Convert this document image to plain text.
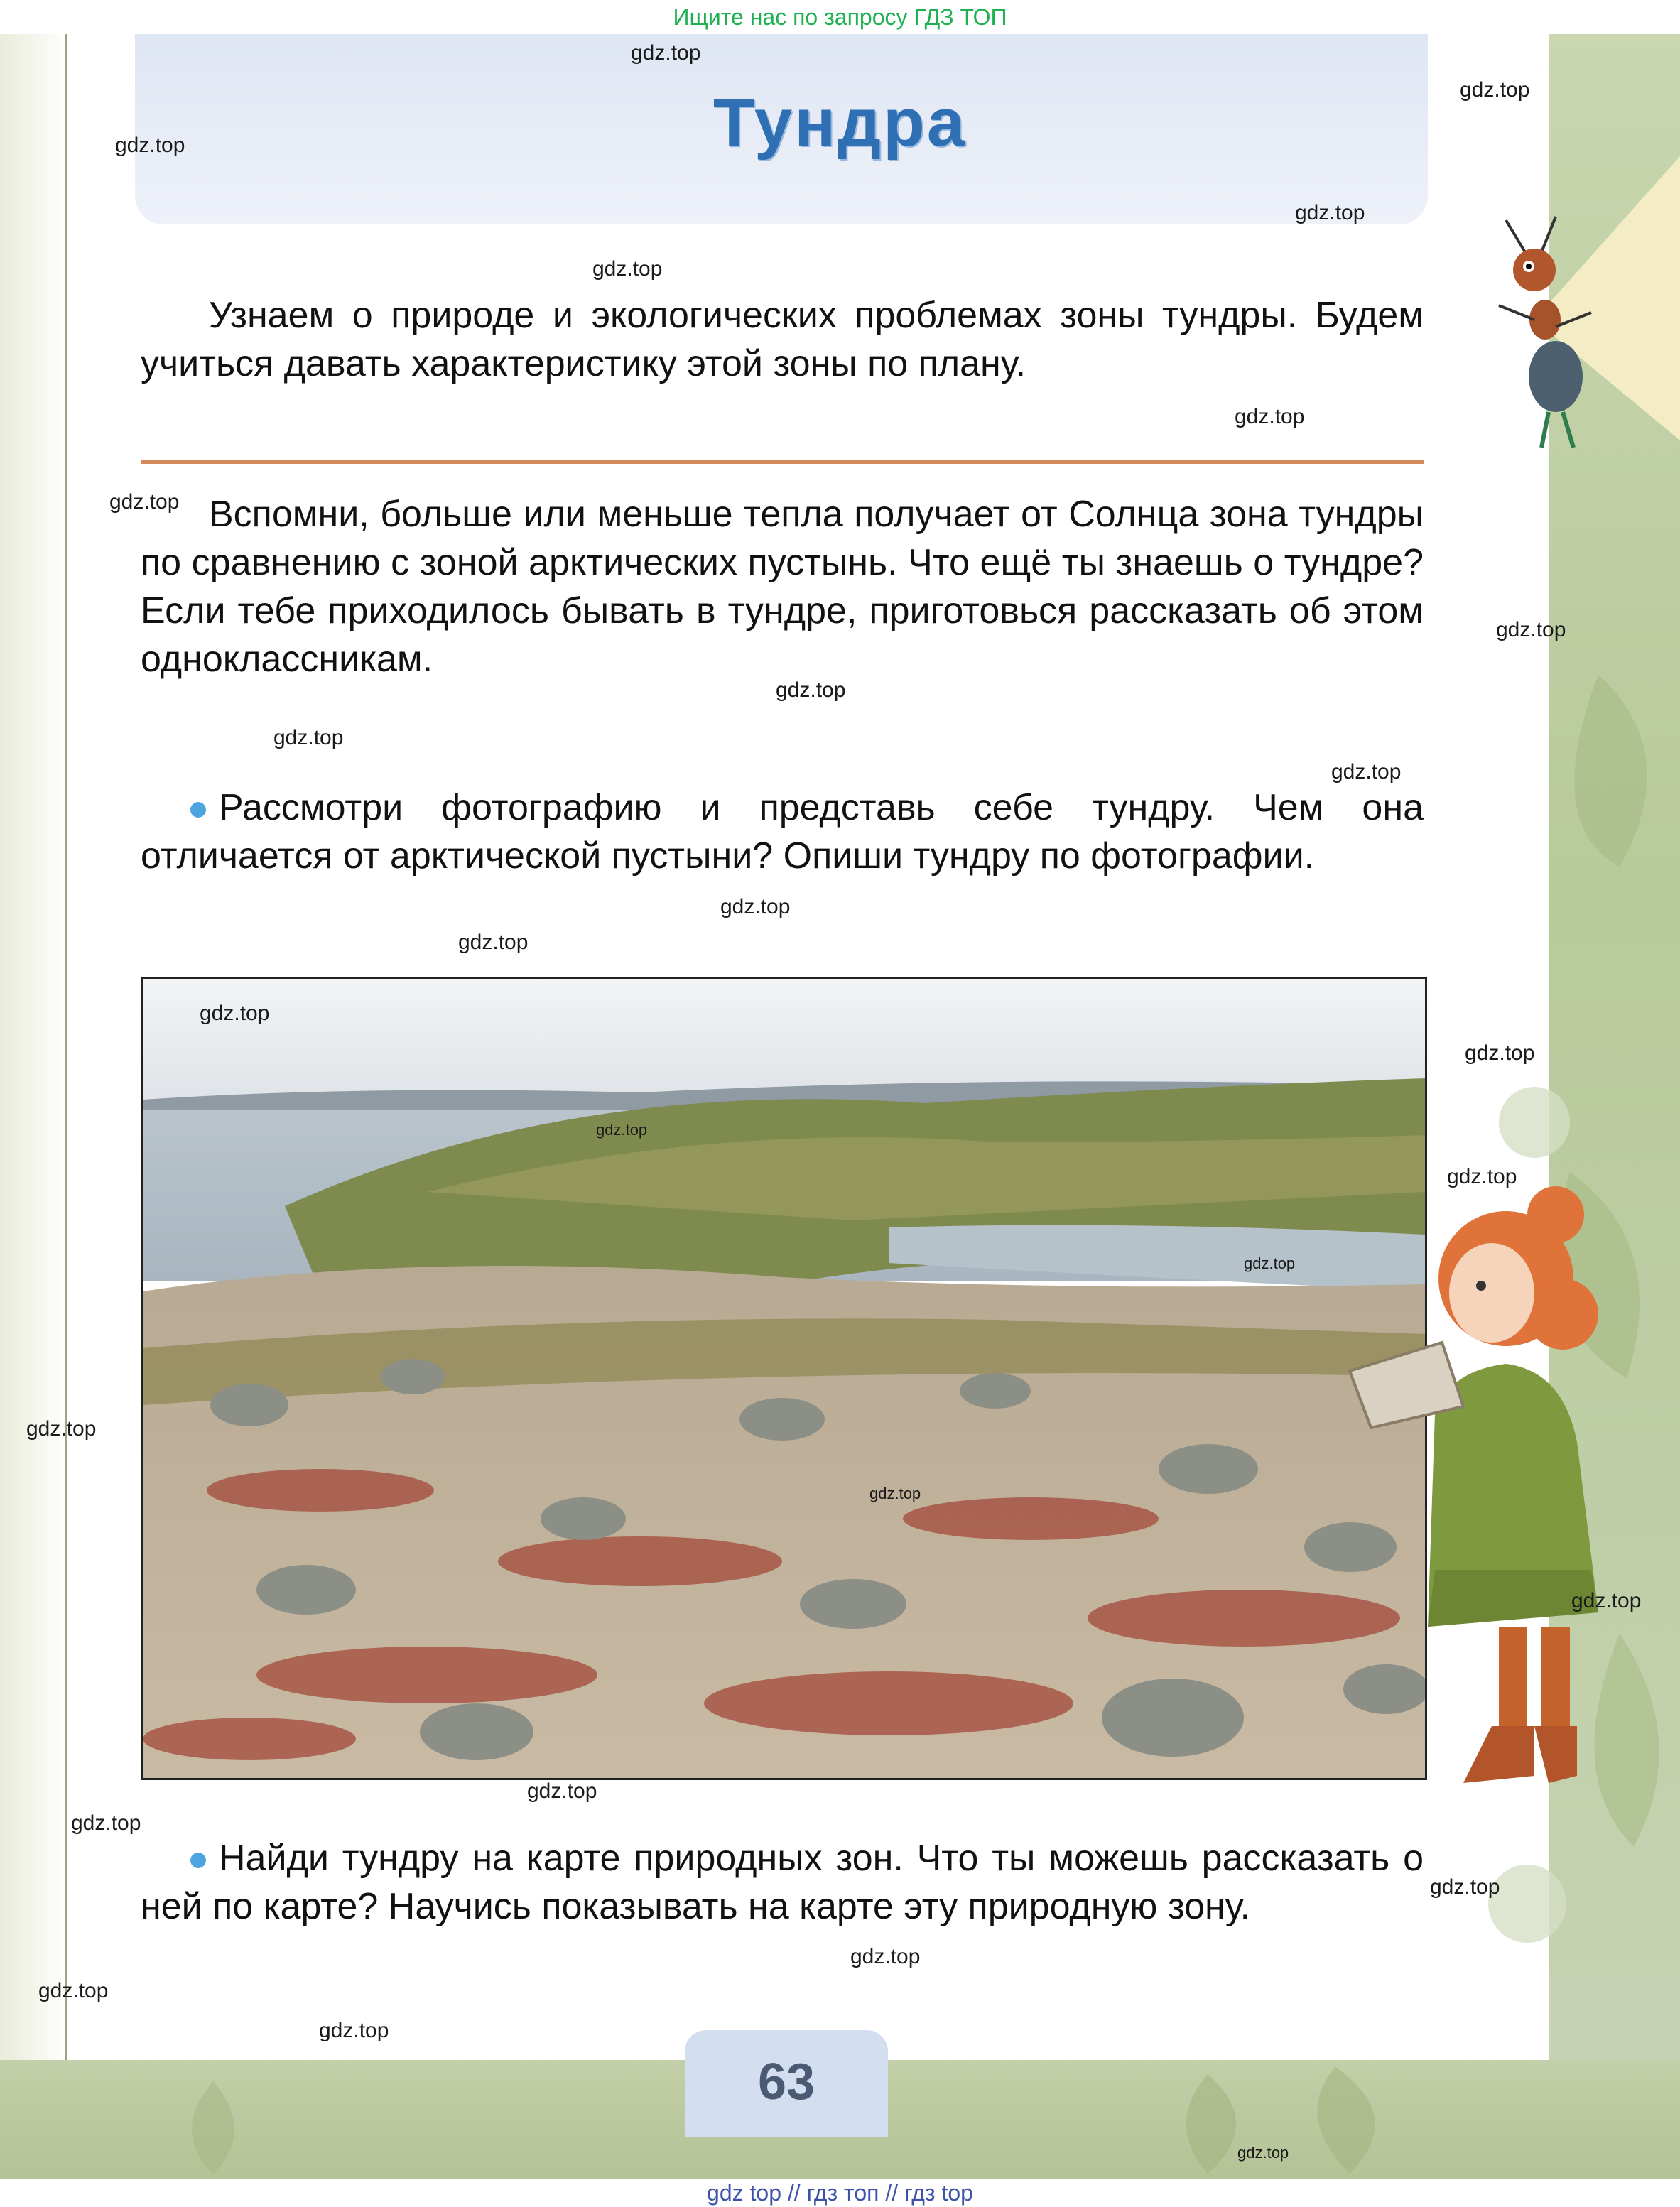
Ищите нас по запросу ГДЗ ТОП
gdz top // гдз топ // гдз top
Тундра
Узнаем о природе и экологических проблемах зоны тундры. Будем учиться давать характеристику этой зоны по плану.
Вспомни, больше или меньше тепла получает от Солнца зона тундры по сравнению с зоной арктических пустынь. Что ещё ты знаешь о тундре? Если тебе приходилось бывать в тундре, приготовься рассказать об этом одноклассникам.
Рассмотри фотографию и представь себе тундру. Чем она отличается от арктической пустыни? Опиши тундру по фотографии.
Найди тундру на карте природных зон. Что ты можешь рассказать о ней по карте? Научись показывать на карте эту природную зону.
63
gdz.top
gdz.top
gdz.top
gdz.top
gdz.top
gdz.top
gdz.top
gdz.top
gdz.top
gdz.top
gdz.top
gdz.top
gdz.top
gdz.top
gdz.top
gdz.top
gdz.top
gdz.top
gdz.top
gdz.top
gdz.top
gdz.top
gdz.top
gdz.top
gdz.top
gdz.top
gdz.top
gdz.top
